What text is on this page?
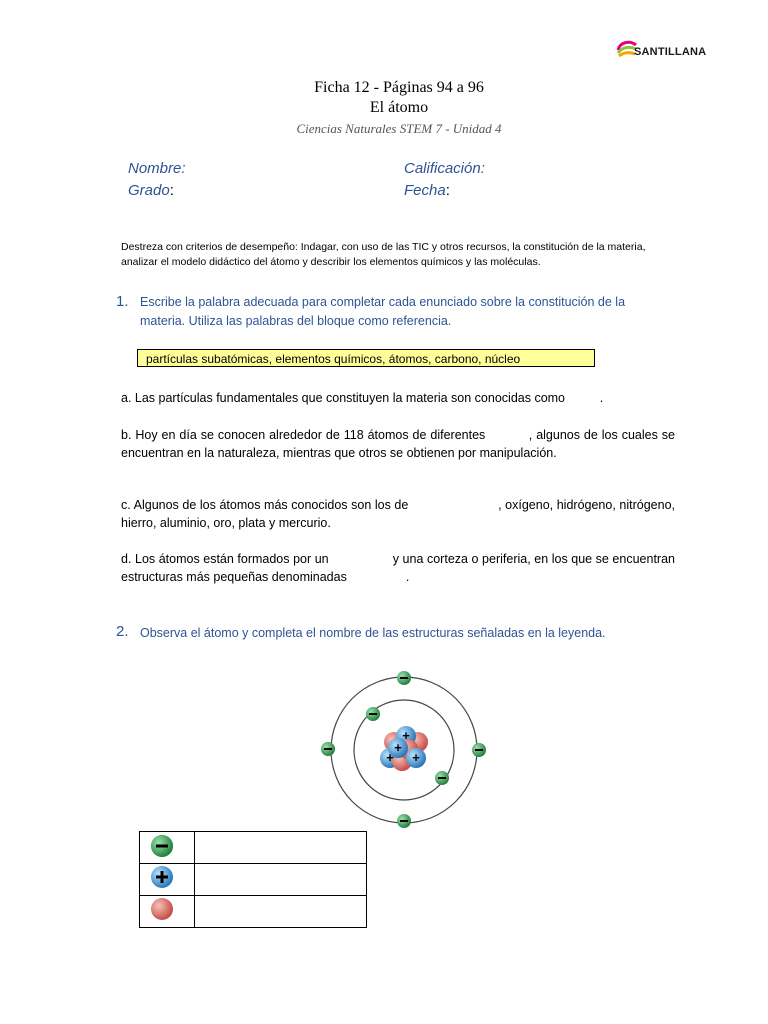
SANTILLANA
Ficha 12 - Páginas 94 a 96
El átomo
Ciencias Naturales STEM 7 - Unidad 4
Nombre:	Calificación:
Grado:	Fecha:
Destreza con criterios de desempeño: Indagar, con uso de las TIC y otros recursos, la constitución de la materia, analizar el modelo didáctico del átomo y describir los elementos químicos y las moléculas.
1. Escribe la palabra adecuada para completar cada enunciado sobre la constitución de la materia. Utiliza las palabras del bloque como referencia.
partículas subatómicas, elementos químicos, átomos, carbono, núcleo
a. Las partículas fundamentales que constituyen la materia son conocidas como          .
b. Hoy en día se conocen alrededor de 118 átomos de diferentes           , algunos de los cuales se encuentran en la naturaleza, mientras que otros se obtienen por manipulación.
c. Algunos de los átomos más conocidos son los de                         , oxígeno, hidrógeno, nitrógeno, hierro, aluminio, oro, plata y mercurio.
d. Los átomos están formados por un                  y una corteza o periferia, en los que se encuentran estructuras más pequeñas denominadas                 .
2. Observa el átomo y completa el nombre de las estructuras señaladas en la leyenda.
+
+
+
+
